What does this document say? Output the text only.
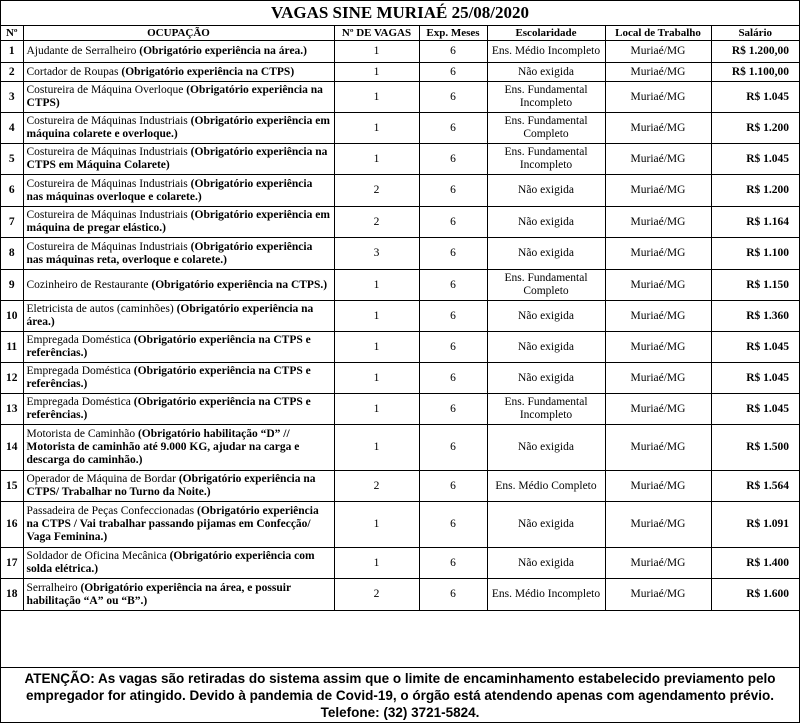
VAGAS SINE MURIAÉ 25/08/2020
Nº	OCUPAÇÃO	Nº DE VAGAS	Exp. Meses	Escolaridade	Local de Trabalho	Salário
1	Ajudante de Serralheiro (Obrigatório experiência na área.)	1	6	Ens. Médio Incompleto	Muriaé/MG	R$ 1.200,00
2	Cortador de Roupas (Obrigatório experiência na CTPS)	1	6	Não exigida	Muriaé/MG	R$ 1.100,00
3	Costureira de Máquina Overloque (Obrigatório experiência na CTPS)	1	6	Ens. Fundamental Incompleto	Muriaé/MG	R$ 1.045
4	Costureira de Máquinas Industriais (Obrigatório experiência em máquina colarete e overloque.)	1	6	Ens. Fundamental Completo	Muriaé/MG	R$ 1.200
5	Costureira de Máquinas Industriais (Obrigatório experiência na CTPS em Máquina Colarete)	1	6	Ens. Fundamental Incompleto	Muriaé/MG	R$ 1.045
6	Costureira de Máquinas Industriais (Obrigatório experiência nas máquinas overloque e colarete.)	2	6	Não exigida	Muriaé/MG	R$ 1.200
7	Costureira de Máquinas Industriais (Obrigatório experiência em máquina de pregar elástico.)	2	6	Não exigida	Muriaé/MG	R$ 1.164
8	Costureira de Máquinas Industriais (Obrigatório experiência nas máquinas reta, overloque e colarete.)	3	6	Não exigida	Muriaé/MG	R$ 1.100
9	Cozinheiro de Restaurante (Obrigatório experiência na CTPS.)	1	6	Ens. Fundamental Completo	Muriaé/MG	R$ 1.150
10	Eletricista de autos (caminhões) (Obrigatório experiência na área.)	1	6	Não exigida	Muriaé/MG	R$ 1.360
11	Empregada Doméstica (Obrigatório experiência na CTPS e referências.)	1	6	Não exigida	Muriaé/MG	R$ 1.045
12	Empregada Doméstica (Obrigatório experiência na CTPS e referências.)	1	6	Não exigida	Muriaé/MG	R$ 1.045
13	Empregada Doméstica (Obrigatório experiência na CTPS e referências.)	1	6	Ens. Fundamental Incompleto	Muriaé/MG	R$ 1.045
14	Motorista de Caminhão (Obrigatório habilitação “D” // Motorista de caminhão até 9.000 KG, ajudar na carga e descarga do caminhão.)	1	6	Não exigida	Muriaé/MG	R$ 1.500
15	Operador de Máquina de Bordar (Obrigatório experiência na CTPS/ Trabalhar no Turno da Noite.)	2	6	Ens. Médio Completo	Muriaé/MG	R$ 1.564
16	Passadeira de Peças Confeccionadas (Obrigatório experiência na CTPS / Vai trabalhar passando pijamas em Confecção/ Vaga Feminina.)	1	6	Não exigida	Muriaé/MG	R$ 1.091
17	Soldador de Oficina Mecânica (Obrigatório experiência com solda elétrica.)	1	6	Não exigida	Muriaé/MG	R$ 1.400
18	Serralheiro (Obrigatório experiência na área, e possuir habilitação “A” ou “B”.)	2	6	Ens. Médio Incompleto	Muriaé/MG	R$ 1.600
ATENÇÃO: As vagas são retiradas do sistema assim que o limite de encaminhamento estabelecido previamento pelo
empregador for atingido. Devido à pandemia de Covid-19, o órgão está atendendo apenas com agendamento prévio.
Telefone: (32) 3721-5824.
